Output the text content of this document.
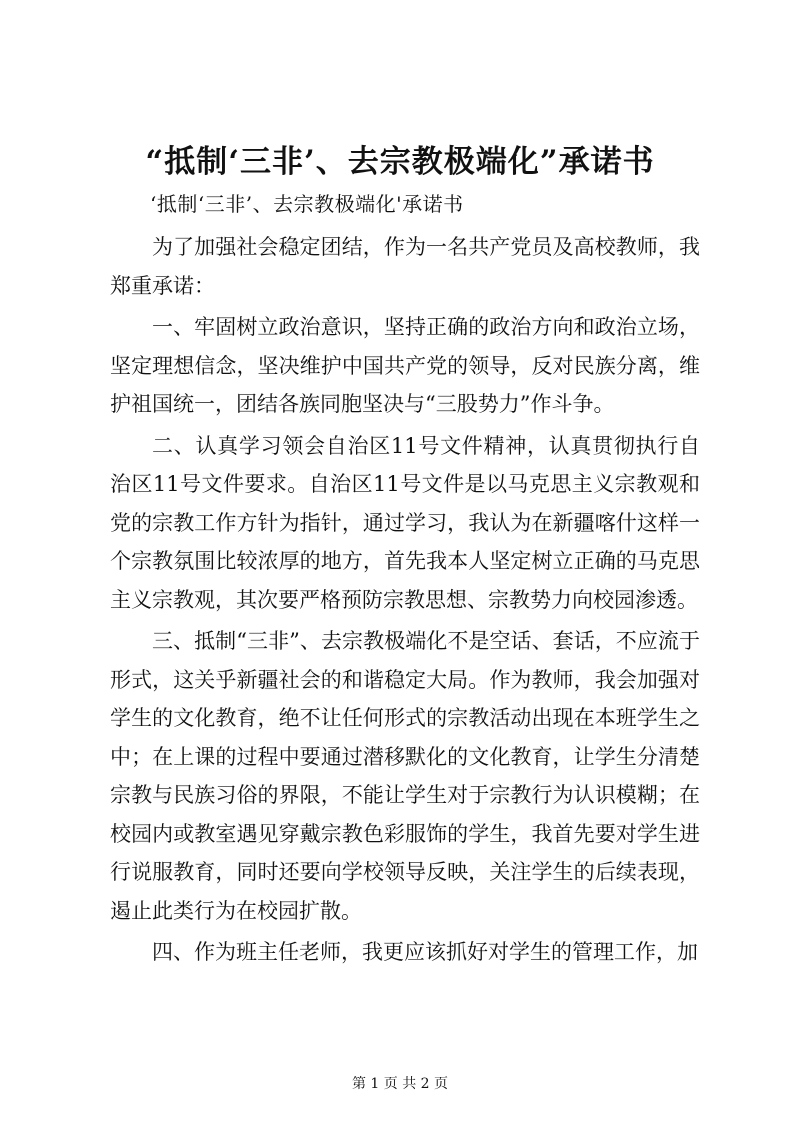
“抵制‘三非’、去宗教极端化”承诺书
‘抵制‘三非’、去宗教极端化'承诺书

为了加强社会稳定团结，作为一名共产党员及高校教师，我郑重承诺：

一、牢固树立政治意识，坚持正确的政治方向和政治立场，坚定理想信念，坚决维护中国共产党的领导，反对民族分离，维护祖国统一，团结各族同胞坚决与“三股势力”作斗争。

二、认真学习领会自治区11号文件精神，认真贯彻执行自治区11号文件要求。自治区11号文件是以马克思主义宗教观和党的宗教工作方针为指针，通过学习，我认为在新疆喀什这样一个宗教氛围比较浓厚的地方，首先我本人坚定树立正确的马克思主义宗教观，其次要严格预防宗教思想、宗教势力向校园渗透。

三、抵制“三非”、去宗教极端化不是空话、套话，不应流于形式，这关乎新疆社会的和谐稳定大局。作为教师，我会加强对学生的文化教育，绝不让任何形式的宗教活动出现在本班学生之中；在上课的过程中要通过潜移默化的文化教育，让学生分清楚宗教与民族习俗的界限，不能让学生对于宗教行为认识模糊；在校园内或教室遇见穿戴宗教色彩服饰的学生，我首先要对学生进行说服教育，同时还要向学校领导反映，关注学生的后续表现，遏止此类行为在校园扩散。

四、作为班主任老师，我更应该抓好对学生的管理工作，加

第 1 页 共 2 页
